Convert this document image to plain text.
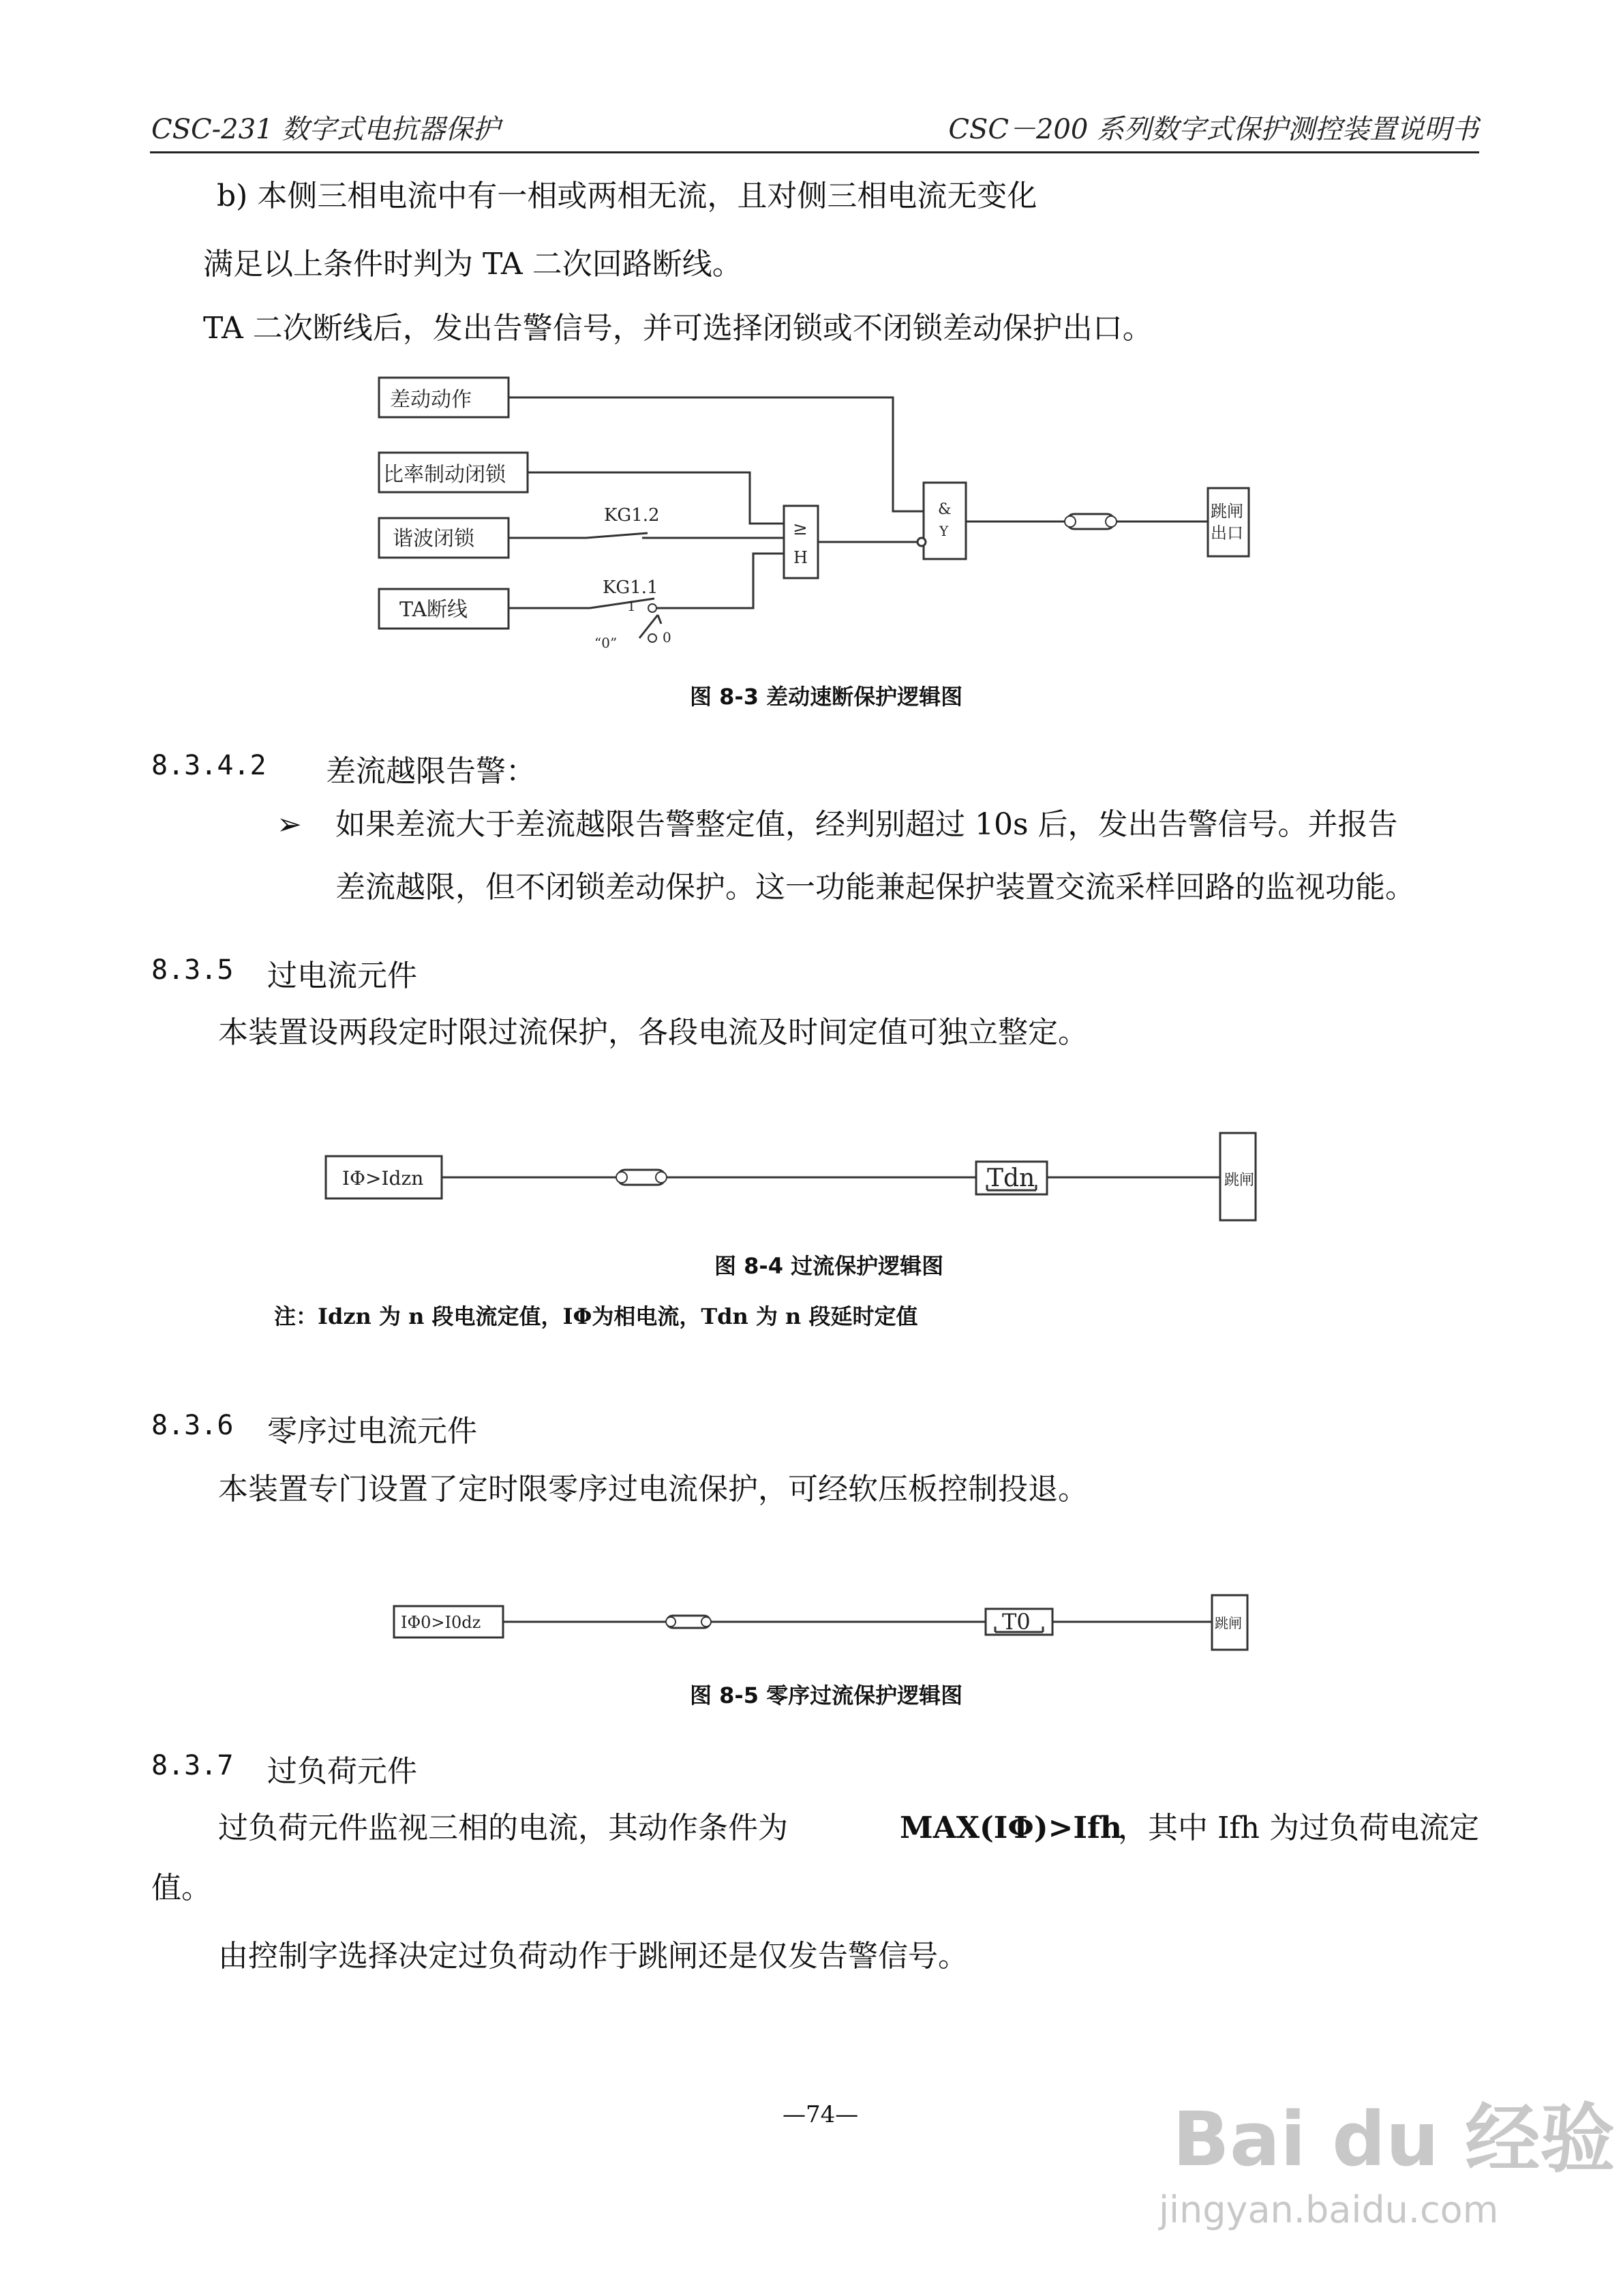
CSC-231 数字式电抗器保护	CSC－200 系列数字式保护测控装置说明书
b) 本侧三相电流中有一相或两相无流，且对侧三相电流无变化
满足以上条件时判为 TA 二次回路断线。
TA 二次断线后，发出告警信号，并可选择闭锁或不闭锁差动保护出口。
差动动作
比率制动闭锁
谐波闭锁
TA断线
KG1.2
KG1.1
1
“0”	0
≥
H
&
Y
跳闸
出口
图 8-3 差动速断保护逻辑图
8.3.4.2 差流越限告警：
➢ 如果差流大于差流越限告警整定值，经判别超过 10s 后，发出告警信号。并报告
差流越限，但不闭锁差动保护。这一功能兼起保护装置交流采样回路的监视功能。
8.3.5 过电流元件
本装置设两段定时限过流保护，各段电流及时间定值可独立整定。
IΦ>Idzn	Tdn	跳闸
图 8-4 过流保护逻辑图
注：Idzn 为 n 段电流定值，IΦ为相电流，Tdn 为 n 段延时定值
8.3.6 零序过电流元件
本装置专门设置了定时限零序过电流保护，可经软压板控制投退。
IΦ0>I0dz	T0	跳闸
图 8-5 零序过流保护逻辑图
8.3.7 过负荷元件
过负荷元件监视三相的电流，其动作条件为	MAX(IΦ)>Ifh
，其中 Ifh 为过负荷电流定
值。
由控制字选择决定过负荷动作于跳闸还是仅发告警信号。
—74—	Bai du 经验
jingyan.baidu.com
